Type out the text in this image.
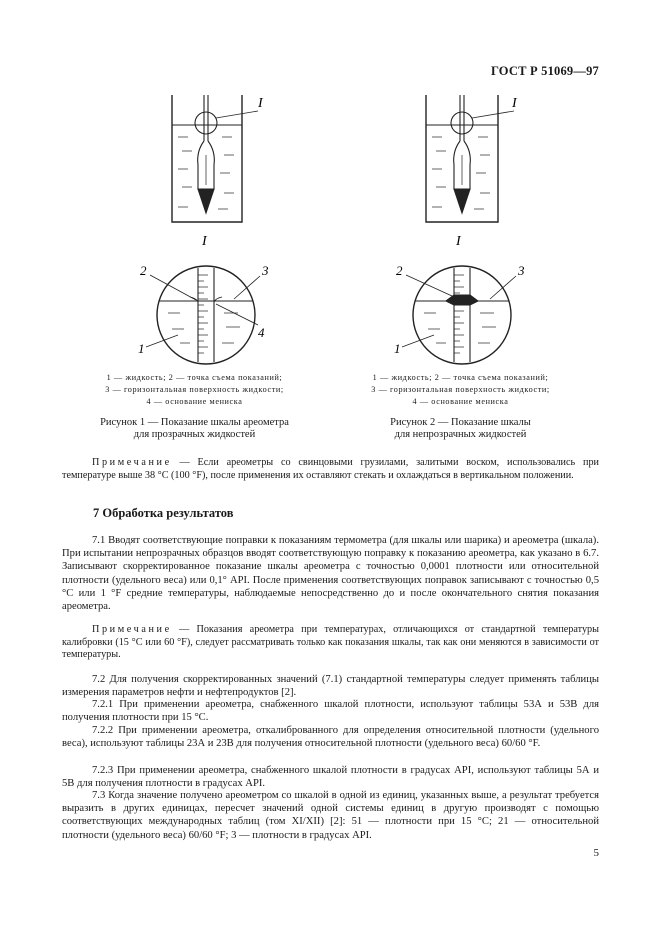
ГОСТ Р 51069—97
I
I
2	3
4
1
1 — жидкость; 2 — точка съема показаний;
3 — горизонтальная поверхность жидкости;
4 — основание мениска
Рисунок 1 — Показание шкалы ареометра
для прозрачных жидкостей
I
I
2	3
1
1 — жидкость; 2 — точка съема показаний;
3 — горизонтальная поверхность жидкости;
4 — основание мениска
Рисунок 2 — Показание шкалы
для непрозрачных жидкостей
Примечание — Если ареометры со свинцовыми грузилами, залитыми воском, использовались при температуре выше 38 °С (100 °F), после применения их оставляют стекать и охлаждаться в вертикальном положении.
7 Обработка результатов
7.1 Вводят соответствующие поправки к показаниям термометра (для шкалы или шарика) и ареометра (шкала). При испытании непрозрачных образцов вводят соответствующую поправку к показанию ареометра, как указано в 6.7. Записывают скорректированное показание шкалы ареометра с точностью 0,0001 плотности или относительной плотности (удельного веса) или 0,1° API. После применения соответствующих поправок записывают с точностью 0,5 °С или 1 °F средние температуры, наблюдаемые непосредственно до и после окончательного снятия показания ареометра.
Примечание — Показания ареометра при температурах, отличающихся от стандартной температуры калибровки (15 °С или 60 °F), следует рассматривать только как показания шкалы, так как они меняются в зависимости от температуры.
7.2 Для получения скорректированных значений (7.1) стандартной температуры следует применять таблицы измерения параметров нефти и нефтепродуктов [2].
7.2.1 При применении ареометра, снабженного шкалой плотности, используют таблицы 53А и 53В для получения плотности при 15 °С.
7.2.2 При применении ареометра, откалиброванного для определения относительной плотности (удельного веса), используют таблицы 23А и 23В для получения относительной плотности (удельного веса) 60/60 °F.
7.2.3 При применении ареометра, снабженного шкалой плотности в градусах API, используют таблицы 5А и 5В для получения плотности в градусах API.
7.3 Когда значение получено ареометром со шкалой в одной из единиц, указанных выше, а результат требуется выразить в других единицах, пересчет значений одной системы единиц в другую производят с помощью соответствующих международных таблиц (том XI/XII) [2]: 51 — плотности при 15 °С; 21 — относительной плотности (удельного веса) 60/60 °F; 3 — плотности в градусах API.
5
